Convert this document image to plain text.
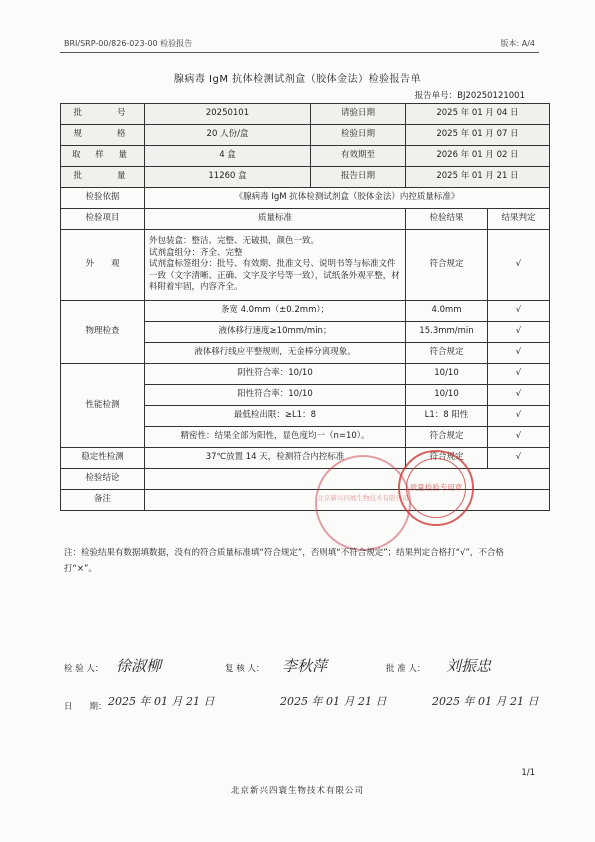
BRI/SRP-00/826-023-00 检验报告	版本: A/4
腺病毒 IgM 抗体检测试剂盒（胶体金法）检验报告单
报告单号：BJ20250121001
批　　号	20250101	请验日期	2025 年 01 月 04 日	
规　　格	20 人份/盒	检验日期	2025 年 01 月 07 日	
取 样 量	4 盒	有效期至	2026 年 01 月 02 日	
批　　量	11260 盒	报告日期	2025 年 01 月 21 日	
检验依据	《腺病毒 IgM 抗体检测试剂盒（胶体金法）内控质量标准》			
检验项目	质量标准		检验结果	结果判定
外　　观	外包装盒：整洁、完整、无破损，颜色一致。
试剂盒组分：齐全、完整
试剂盒标签组分：批号、有效期、批准文号、说明书等与标准文件一致（文字清晰、正确、文字及字号等一致），试纸条外观平整，材料附着牢固，内容齐全。		符合规定	√
物理检查	条宽 4.0mm（±0.2mm）；		4.0mm	√
	液体移行速度≥10mm/min；		15.3mm/min	√
	液体移行线应平整规则，无金棒分离现象。		符合规定	√
性能检测	阴性符合率：10/10		10/10	√
	阳性符合率：10/10		10/10	√
	最低检出限：≥L1：8		L1：8 阳性	√
	精密性：结果全部为阳性，显色度均一（n=10）。		符合规定	√
稳定性检测	37℃放置 14 天，检测符合内控标准		符合规定	√
检验结论				
备注					北京新兴四寰生物技术有限公司
质量检验专用章
注：检验结果有数据填数据，没有的符合质量标准填“符合规定”，否则填“不符合规定”；结果判定合格打“√”，不合格打“×”。
检 验 人： 徐淑柳	复 核 人： 李秋萍	批 准 人： 刘振忠
日　　期： 2025 年 01 月 21 日	2025 年 01 月 21 日	2025 年 01 月 21 日
1/1
北京新兴四寰生物技术有限公司
